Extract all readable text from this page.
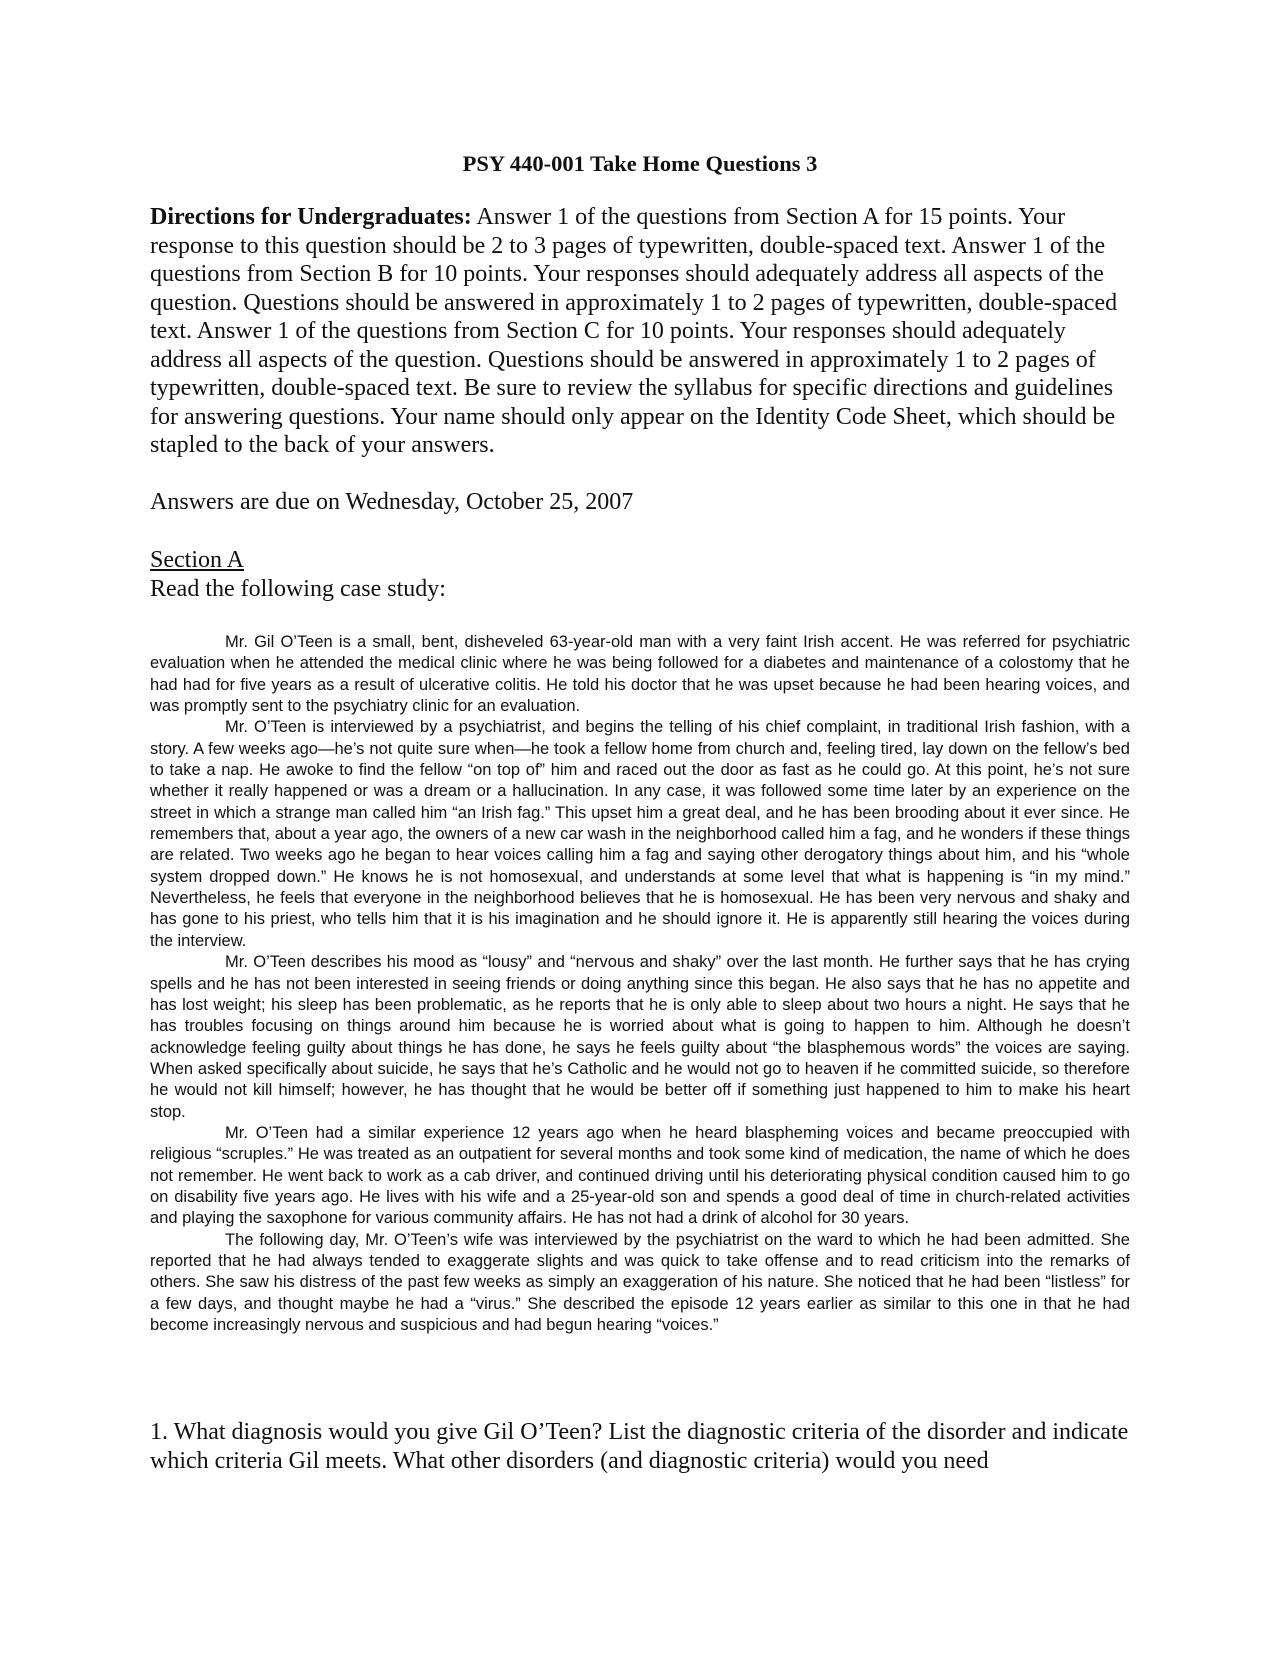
PSY 440-001 Take Home Questions 3

Directions for Undergraduates: Answer 1 of the questions from Section A for 15 points. Your response to this question should be 2 to 3 pages of typewritten, double-spaced text. Answer 1 of the questions from Section B for 10 points. Your responses should adequately address all aspects of the question. Questions should be answered in approximately 1 to 2 pages of typewritten, double-spaced text. Answer 1 of the questions from Section C for 10 points. Your responses should adequately address all aspects of the question. Questions should be answered in approximately 1 to 2 pages of typewritten, double-spaced text. Be sure to review the syllabus for specific directions and guidelines for answering questions. Your name should only appear on the Identity Code Sheet, which should be stapled to the back of your answers.

Answers are due on Wednesday, October 25, 2007

Section A
Read the following case study:

Mr. Gil O’Teen is a small, bent, disheveled 63-year-old man with a very faint Irish accent. He was referred for psychiatric evaluation when he attended the medical clinic where he was being followed for a diabetes and maintenance of a colostomy that he had had for five years as a result of ulcerative colitis. He told his doctor that he was upset because he had been hearing voices, and was promptly sent to the psychiatry clinic for an evaluation.

Mr. O’Teen is interviewed by a psychiatrist, and begins the telling of his chief complaint, in traditional Irish fashion, with a story. A few weeks ago—he’s not quite sure when—he took a fellow home from church and, feeling tired, lay down on the fellow’s bed to take a nap. He awoke to find the fellow “on top of” him and raced out the door as fast as he could go. At this point, he’s not sure whether it really happened or was a dream or a hallucination. In any case, it was followed some time later by an experience on the street in which a strange man called him “an Irish fag.” This upset him a great deal, and he has been brooding about it ever since. He remembers that, about a year ago, the owners of a new car wash in the neighborhood called him a fag, and he wonders if these things are related. Two weeks ago he began to hear voices calling him a fag and saying other derogatory things about him, and his “whole system dropped down.” He knows he is not homosexual, and understands at some level that what is happening is “in my mind.” Nevertheless, he feels that everyone in the neighborhood believes that he is homosexual. He has been very nervous and shaky and has gone to his priest, who tells him that it is his imagination and he should ignore it. He is apparently still hearing the voices during the interview.

Mr. O’Teen describes his mood as “lousy” and “nervous and shaky” over the last month. He further says that he has crying spells and he has not been interested in seeing friends or doing anything since this began. He also says that he has no appetite and has lost weight; his sleep has been problematic, as he reports that he is only able to sleep about two hours a night. He says that he has troubles focusing on things around him because he is worried about what is going to happen to him. Although he doesn’t acknowledge feeling guilty about things he has done, he says he feels guilty about “the blasphemous words” the voices are saying. When asked specifically about suicide, he says that he’s Catholic and he would not go to heaven if he committed suicide, so therefore he would not kill himself; however, he has thought that he would be better off if something just happened to him to make his heart stop.

Mr. O’Teen had a similar experience 12 years ago when he heard blaspheming voices and became preoccupied with religious “scruples.” He was treated as an outpatient for several months and took some kind of medication, the name of which he does not remember. He went back to work as a cab driver, and continued driving until his deteriorating physical condition caused him to go on disability five years ago. He lives with his wife and a 25-year-old son and spends a good deal of time in church-related activities and playing the saxophone for various community affairs. He has not had a drink of alcohol for 30 years.

The following day, Mr. O’Teen’s wife was interviewed by the psychiatrist on the ward to which he had been admitted. She reported that he had always tended to exaggerate slights and was quick to take offense and to read criticism into the remarks of others. She saw his distress of the past few weeks as simply an exaggeration of his nature. She noticed that he had been “listless” for a few days, and thought maybe he had a “virus.” She described the episode 12 years earlier as similar to this one in that he had become increasingly nervous and suspicious and had begun hearing “voices.”

1. What diagnosis would you give Gil O’Teen? List the diagnostic criteria of the disorder and indicate which criteria Gil meets. What other disorders (and diagnostic criteria) would you need
